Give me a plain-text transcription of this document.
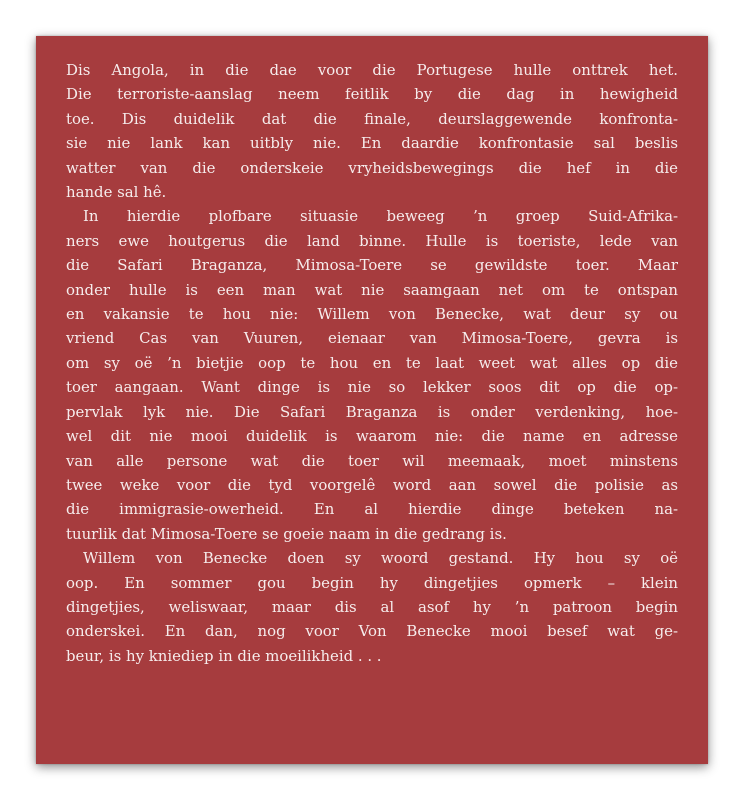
Dis Angola, in die dae voor die Portugese hulle onttrek het.
Die terroriste-aanslag neem feitlik by die dag in hewigheid
toe. Dis duidelik dat die finale, deurslaggewende konfronta-
sie nie lank kan uitbly nie. En daardie konfrontasie sal beslis
watter van die onderskeie vryheidsbewegings die hef in die
hande sal hê.

In hierdie plofbare situasie beweeg ’n groep Suid-Afrika-
ners ewe houtgerus die land binne. Hulle is toeriste, lede van
die Safari Braganza, Mimosa-Toere se gewildste toer. Maar
onder hulle is een man wat nie saamgaan net om te ontspan
en vakansie te hou nie: Willem von Benecke, wat deur sy ou
vriend Cas van Vuuren, eienaar van Mimosa-Toere, gevra is
om sy oë ’n bietjie oop te hou en te laat weet wat alles op die
toer aangaan. Want dinge is nie so lekker soos dit op die op-
pervlak lyk nie. Die Safari Braganza is onder verdenking, hoe-
wel dit nie mooi duidelik is waarom nie: die name en adresse
van alle persone wat die toer wil meemaak, moet minstens
twee weke voor die tyd voorgelê word aan sowel die polisie as
die immigrasie-owerheid. En al hierdie dinge beteken na-
tuurlik dat Mimosa-Toere se goeie naam in die gedrang is.

Willem von Benecke doen sy woord gestand. Hy hou sy oë
oop. En sommer gou begin hy dingetjies opmerk – klein
dingetjies, weliswaar, maar dis al asof hy ’n patroon begin
onderskei. En dan, nog voor Von Benecke mooi besef wat ge-
beur, is hy kniediep in die moeilikheid . . .
